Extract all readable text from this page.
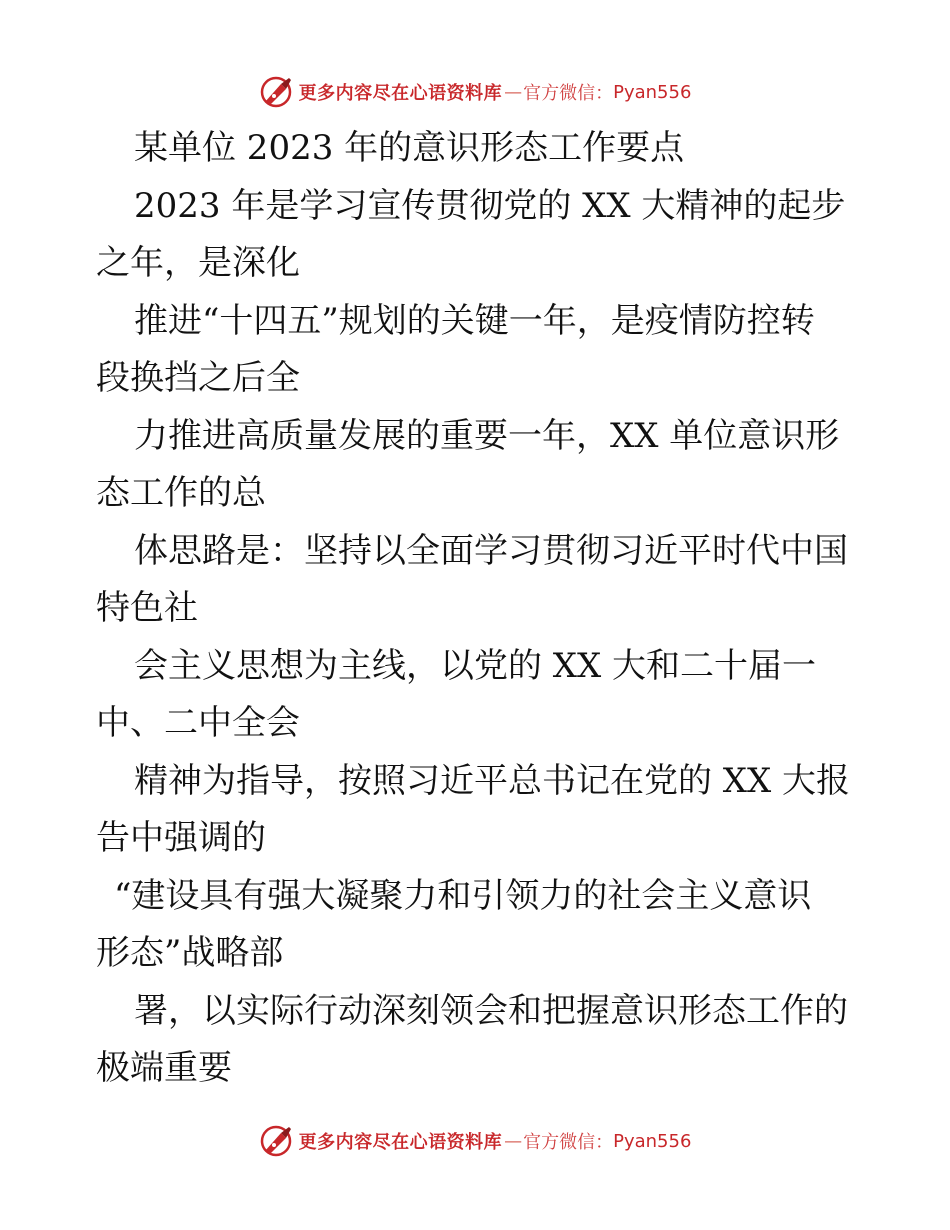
更多内容尽在心语资料库 — 官方微信： Pyan556

某单位 2023 年的意识形态工作要点

2023 年是学习宣传贯彻党的 XX 大精神的起步

之年，是深化

推进“十四五”规划的关键一年，是疫情防控转

段换挡之后全

力推进高质量发展的重要一年，XX 单位意识形

态工作的总

体思路是：坚持以全面学习贯彻习近平时代中国

特色社

会主义思想为主线，以党的 XX 大和二十届一

中、二中全会

精神为指导，按照习近平总书记在党的 XX 大报

告中强调的

“建设具有强大凝聚力和引领力的社会主义意识

形态”战略部

署，以实际行动深刻领会和把握意识形态工作的

极端重要

更多内容尽在心语资料库 — 官方微信： Pyan556
